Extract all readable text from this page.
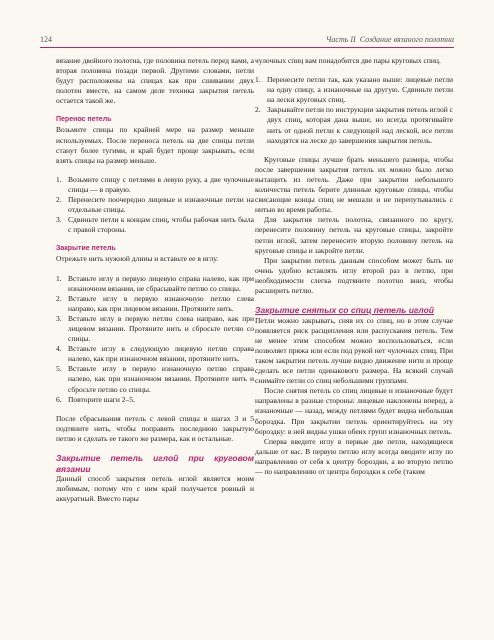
124	Часть II Создание вязаного полотна

вязание двойного полотна, где половина петель перед вами, а вторая половина позади первой. Другими словами, петли будут расположены на спицах как при сшивании двух полотен вместе, на самом деле техника закрытия петель остается такой же.

Перенос петель

Возьмите спицы по крайней мере на размер меньше используемых. После переноса петель на две спицы петли станут более тугими, и край будет проще закрывать, если взять спицы на размер меньше.

1. Возьмите спицу с петлями в левую руку, а две чулочные спицы — в правую.
2. Перенесите поочередно лицевые и изнаночные петли на отдельные спицы.
3. Сдвиньте петли к концам спиц, чтобы рабочая нить была с правой стороны.

Закрытие петель

Отрежьте нить нужной длины и вставьте ее в иглу.

1. Вставьте иглу в первую лицевую справа налево, как при изнаночном вязании, не сбрасывайте петлю со спицы.
2. Вставьте иглу в первую изнаночную петлю слева направо, как при лицевом вязании. Протяните нить.
3. Вставьте иглу в первую петлю слева направо, как при лицевом вязании. Протяните нить и сбросьте петлю со спицы.
4. Вставьте иглу в следующую лицевую петлю справа налево, как при изнаночном вязании, протяните нить.
5. Вставьте иглу в первую изнаночную петлю справа налево, как при изнаночном вязании. Протяните нить и сбросьте петлю со спицы.
6. Повторите шаги 2–5.

После сбрасывания петель с левой спицы в шагах 3 и 5 подтяните нить, чтобы поправить последнюю закрытую петлю и сделать ее такого же размера, как и остальные.

Закрытие петель иглой при круговом вязании

Данный способ закрытия петель иглой является моим любимым, потому что с ним край получается ровный и аккуратный. Вместо пары

чулочных спиц вам понадобится две пары круговых спиц.

1. Перенесите петли так, как указано выше: лицевые петли на одну спицу, а изнаночные на другую. Сдвиньте петли на лески круговых спиц.
2. Закрывайте петли по инструкции закрытия петель иглой с двух спиц, которая дана выше, но всегда протягивайте нить от одной петли к следующей над леской, все петли находятся на леске до завершения закрытия петель.

Круговые спицы лучше брать меньшего размера, чтобы после завершения закрытия петель их можно было легко вытащить из петель. Даже при закрытии небольшого количества петель берите длинные круговые спицы, чтобы свисающие концы спиц не мешали и не перепутывались с нитью во время работы.

Для закрытия петель полотна, связанного по кругу, перенесите половину петель на круговые спицы, закройте петли иглой, затем перенесите вторую половину петель на круговые спицы и закройте петли.

При закрытии петель данным способом может быть не очень удобно вставлять иглу второй раз в петлю, при необходимости слегка подтяните полотно вниз, чтобы расширить петлю.

Закрытие снятых со спиц петель иглой

Петли можно закрывать, сняв их со спиц, но в этом случае появляется риск расщепления или распускания петель. Тем не менее этим способом можно воспользоваться, если позволяет пряжа или если под рукой нет чулочных спиц. При таком закрытии петель лучше видно движение нити и проще сделать все петли одинакового размера. На всякий случай снимайте петли со спиц небольшими группами.

После снятия петель со спиц лицевые и изнаночные будут направлены в разные стороны: лицевые наклонены вперед, а изнаночные — назад, между петлями будет видна небольшая бороздка. При закрытии петель ориентируйтесь на эту бороздку: в ней видны ушки обеих групп изнаночных петель.

Сперва введите иглу в первые две петли, находящиеся дальше от вас. В первую петлю иглу всегда вводите иглу по направлению от себя к центру бороздки, а во вторую петлю — по направлению от центра бороздки к себе (таким
